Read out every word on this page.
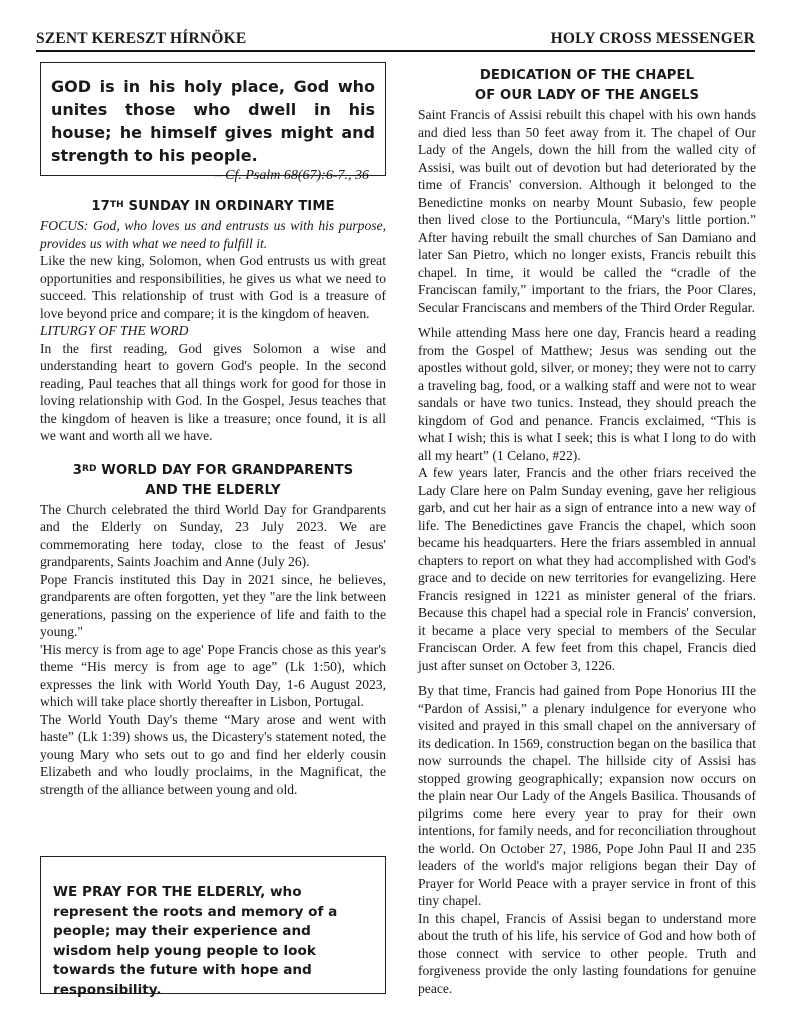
SZENT KERESZT HÍRNÖKE	HOLY CROSS MESSENGER

GOD is in his holy place, God who unites those who dwell in his house; he himself gives might and strength to his people.

– Cf. Psalm 68(67):6-7., 36
17TH SUNDAY IN ORDINARY TIME

FOCUS: God, who loves us and entrusts us with his purpose, provides us with what we need to fulfill it.

Like the new king, Solomon, when God entrusts us with great opportunities and responsibilities, he gives us what we need to succeed. This relationship of trust with God is a treasure of love beyond price and compare; it is the kingdom of heaven.

LITURGY OF THE WORD

In the first reading, God gives Solomon a wise and understanding heart to govern God's people. In the second reading, Paul teaches that all things work for good for those in loving relationship with God. In the Gospel, Jesus teaches that the kingdom of heaven is like a treasure; once found, it is all we want and worth all we have.

3RD WORLD DAY FOR GRANDPARENTS
AND THE ELDERLY

The Church celebrated the third World Day for Grandparents and the Elderly on Sunday, 23 July 2023. We are commemorating here today, close to the feast of Jesus' grandparents, Saints Joachim and Anne (July 26).

Pope Francis instituted this Day in 2021 since, he believes, grandparents are often forgotten, yet they "are the link between generations, passing on the experience of life and faith to the young."

'His mercy is from age to age' Pope Francis chose as this year's theme “His mercy is from age to age” (Lk 1:50), which expresses the link with World Youth Day, 1-6 August 2023, which will take place shortly thereafter in Lisbon, Portugal.

The World Youth Day's theme “Mary arose and went with haste” (Lk 1:39) shows us, the Dicastery's statement noted, the young Mary who sets out to go and find her elderly cousin Elizabeth and who loudly proclaims, in the Magnificat, the strength of the alliance between young and old.

WE PRAY FOR THE ELDERLY, who represent the roots and memory of a people; may their experience and wisdom help young people to look towards the future with hope and responsibility.

DEDICATION OF THE CHAPEL
OF OUR LADY OF THE ANGELS

Saint Francis of Assisi rebuilt this chapel with his own hands and died less than 50 feet away from it. The chapel of Our Lady of the Angels, down the hill from the walled city of Assisi, was built out of devotion but had deteriorated by the time of Francis' conversion. Although it belonged to the Benedictine monks on nearby Mount Subasio, few people then lived close to the Portiuncula, “Mary's little portion.” After having rebuilt the small churches of San Damiano and later San Pietro, which no longer exists, Francis rebuilt this chapel. In time, it would be called the “cradle of the Franciscan family,” important to the friars, the Poor Clares, Secular Franciscans and members of the Third Order Regular.

While attending Mass here one day, Francis heard a reading from the Gospel of Matthew; Jesus was sending out the apostles without gold, silver, or money; they were not to carry a traveling bag, food, or a walking staff and were not to wear sandals or have two tunics. Instead, they should preach the kingdom of God and penance. Francis exclaimed, “This is what I wish; this is what I seek; this is what I long to do with all my heart” (1 Celano, #22).

A few years later, Francis and the other friars received the Lady Clare here on Palm Sunday evening, gave her religious garb, and cut her hair as a sign of entrance into a new way of life. The Benedictines gave Francis the chapel, which soon became his headquarters. Here the friars assembled in annual chapters to report on what they had accomplished with God's grace and to decide on new territories for evangelizing. Here Francis resigned in 1221 as minister general of the friars. Because this chapel had a special role in Francis' conversion, it became a place very special to members of the Secular Franciscan Order. A few feet from this chapel, Francis died just after sunset on October 3, 1226.

By that time, Francis had gained from Pope Honorius III the “Pardon of Assisi,” a plenary indulgence for everyone who visited and prayed in this small chapel on the anniversary of its dedication. In 1569, construction began on the basilica that now surrounds the chapel. The hillside city of Assisi has stopped growing geographically; expansion now occurs on the plain near Our Lady of the Angels Basilica. Thousands of pilgrims come here every year to pray for their own intentions, for family needs, and for reconciliation throughout the world. On October 27, 1986, Pope John Paul II and 235 leaders of the world's major religions began their Day of Prayer for World Peace with a prayer service in front of this tiny chapel.

In this chapel, Francis of Assisi began to understand more about the truth of his life, his service of God and how both of those connect with service to other people. Truth and forgiveness provide the only lasting foundations for genuine peace.
